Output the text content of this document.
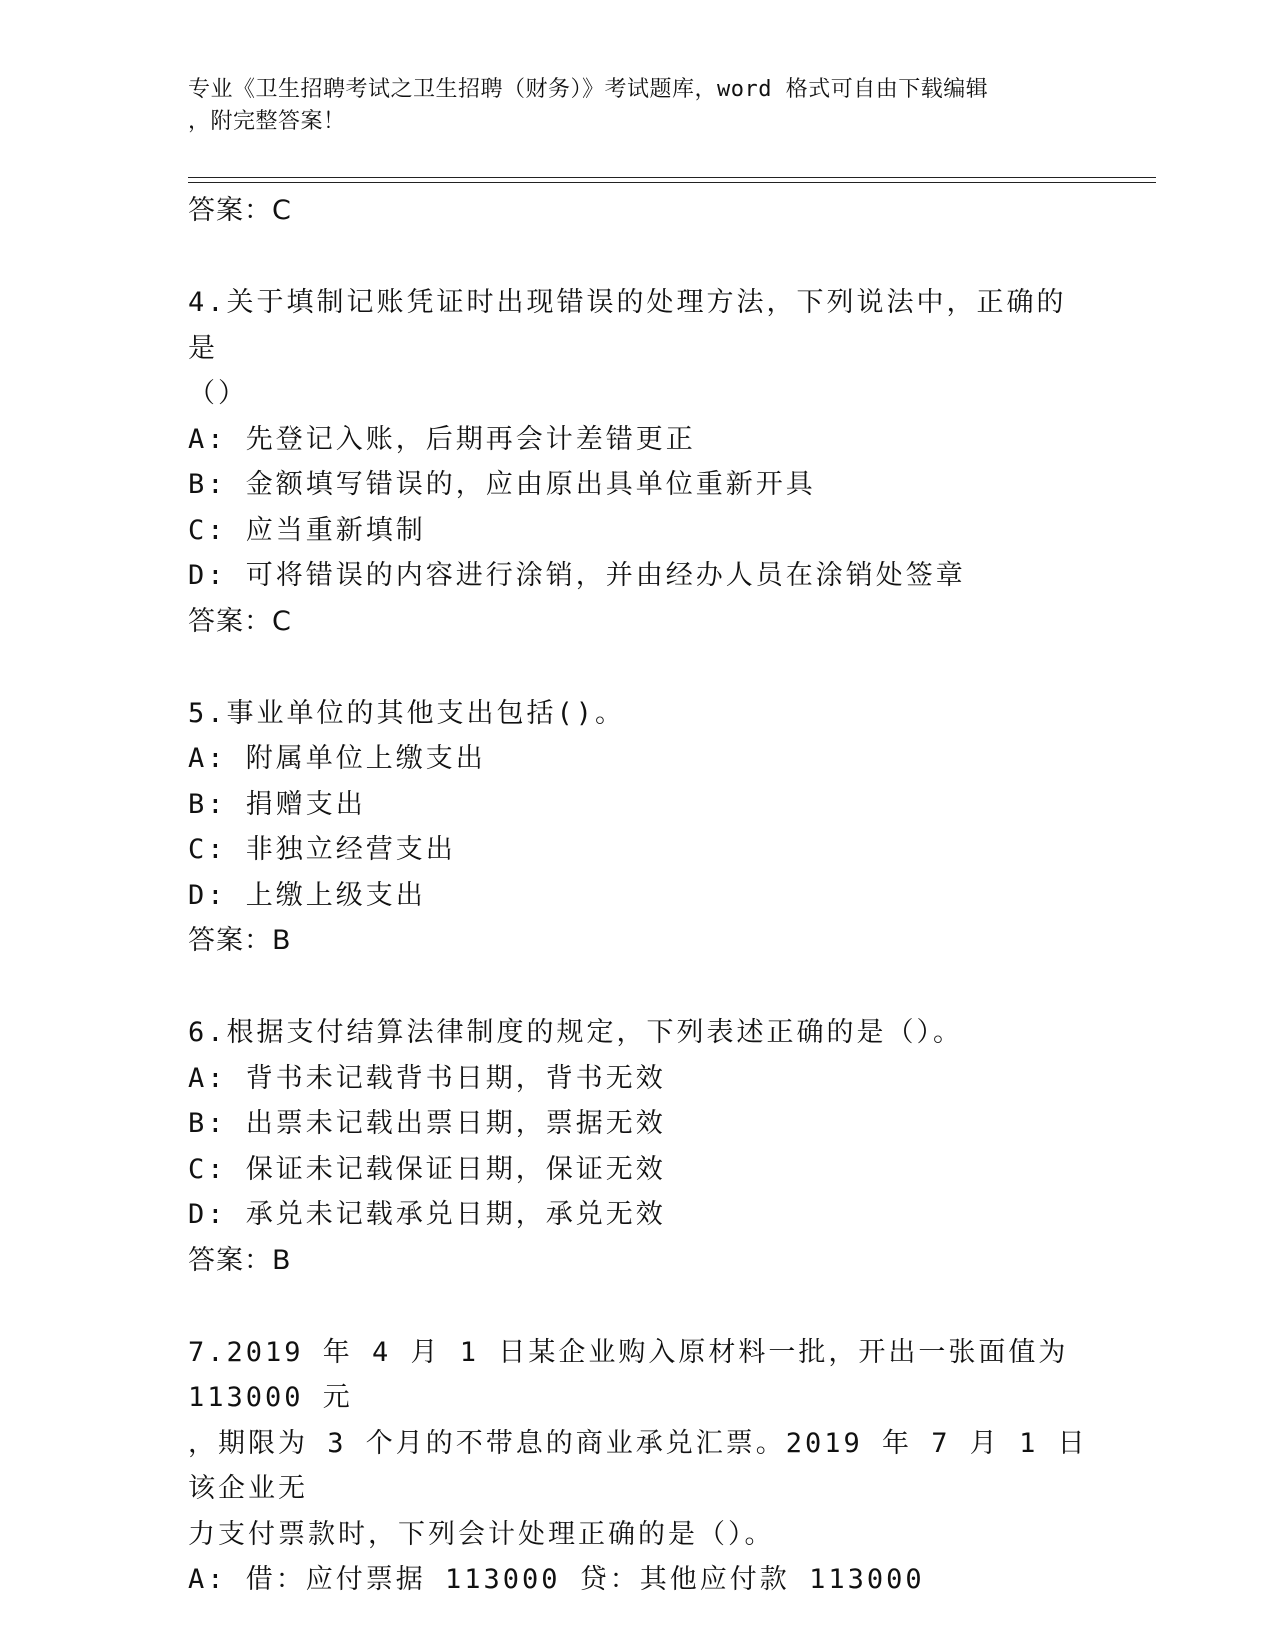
专业《卫生招聘考试之卫生招聘（财务）》考试题库，word 格式可自由下载编辑
，附完整答案！
答案：C
4.关于填制记账凭证时出现错误的处理方法，下列说法中，正确的是
（）
A: 先登记入账，后期再会计差错更正
B: 金额填写错误的，应由原出具单位重新开具
C: 应当重新填制
D: 可将错误的内容进行涂销，并由经办人员在涂销处签章
答案：C
5.事业单位的其他支出包括()。
A: 附属单位上缴支出
B: 捐赠支出
C: 非独立经营支出
D: 上缴上级支出
答案：B
6.根据支付结算法律制度的规定，下列表述正确的是（）。
A: 背书未记载背书日期，背书无效
B: 出票未记载出票日期，票据无效
C: 保证未记载保证日期，保证无效
D: 承兑未记载承兑日期，承兑无效
答案：B
7.2019 年 4 月 1 日某企业购入原材料一批，开出一张面值为 113000 元
，期限为 3 个月的不带息的商业承兑汇票。2019 年 7 月 1 日该企业无
力支付票款时，下列会计处理正确的是（）。
A: 借：应付票据 113000 贷：其他应付款 113000
